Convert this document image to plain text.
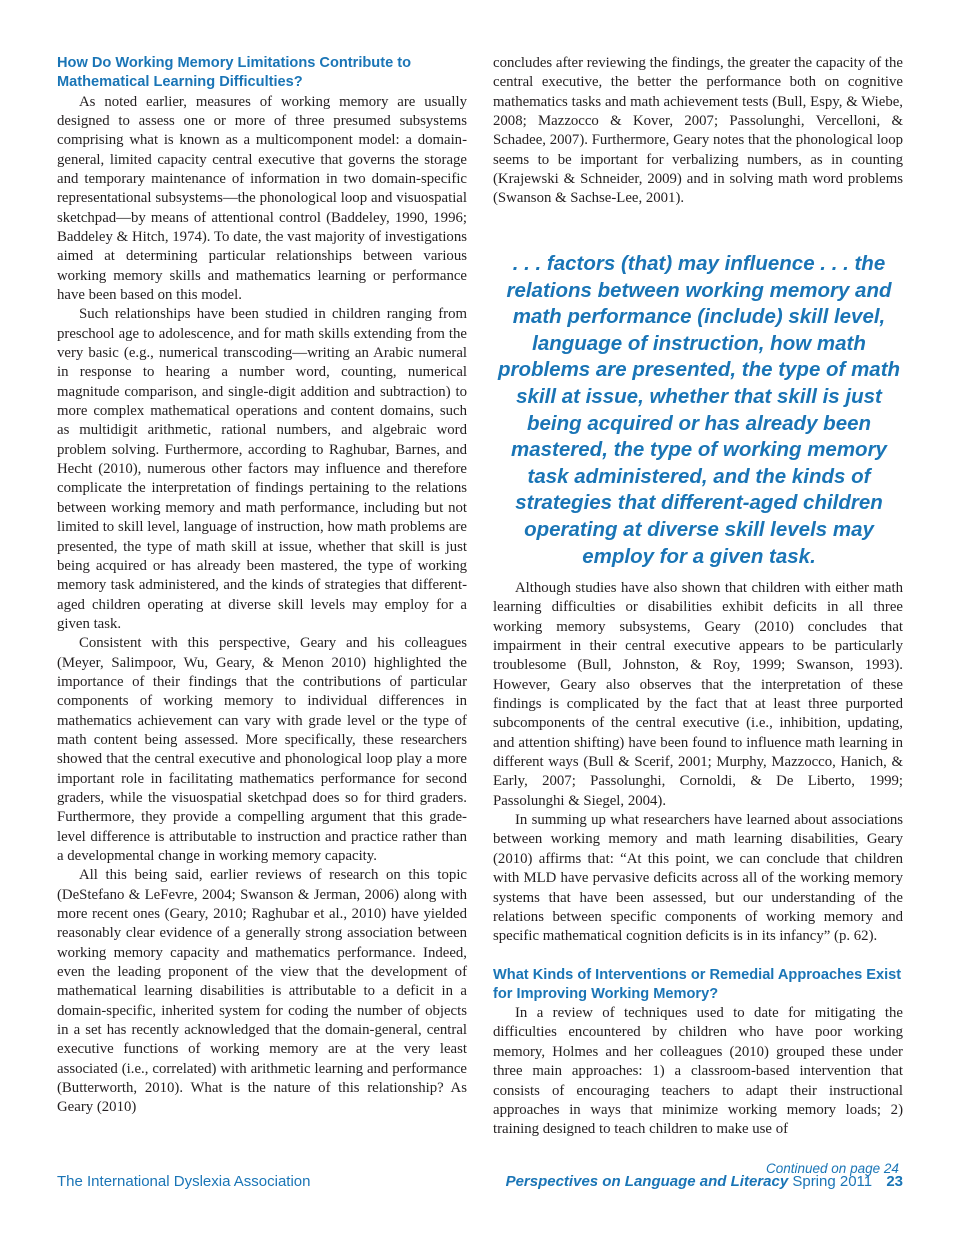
How Do Working Memory Limitations Contribute to Mathematical Learning Difficulties?

As noted earlier, measures of working memory are usually designed to assess one or more of three presumed subsystems comprising what is known as a multicomponent model: a domain-general, limited capacity central executive that governs the storage and temporary maintenance of information in two domain-specific representational subsystems—the phonological loop and visuospatial sketchpad—by means of attentional control (Baddeley, 1990, 1996; Baddeley & Hitch, 1974). To date, the vast majority of investigations aimed at determining particular relationships between various working memory skills and mathematics learning or performance have been based on this model.

Such relationships have been studied in children ranging from preschool age to adolescence, and for math skills extending from the very basic (e.g., numerical transcoding—writing an Arabic numeral in response to hearing a number word, counting, numerical magnitude comparison, and single-digit addition and subtraction) to more complex mathematical operations and content domains, such as multidigit arithmetic, rational numbers, and algebraic word problem solving. Furthermore, according to Raghubar, Barnes, and Hecht (2010), numerous other factors may influence and therefore complicate the interpretation of findings pertaining to the relations between working memory and math performance, including but not limited to skill level, language of instruction, how math problems are presented, the type of math skill at issue, whether that skill is just being acquired or has already been mastered, the type of working memory task administered, and the kinds of strategies that different-aged children operating at diverse skill levels may employ for a given task.

Consistent with this perspective, Geary and his colleagues (Meyer, Salimpoor, Wu, Geary, & Menon 2010) highlighted the importance of their findings that the contributions of particular components of working memory to individual differences in mathematics achievement can vary with grade level or the type of math content being assessed. More specifically, these researchers showed that the central executive and phonological loop play a more important role in facilitating mathematics performance for second graders, while the visuospatial sketchpad does so for third graders. Furthermore, they provide a compelling argument that this grade-level difference is attributable to instruction and practice rather than a developmental change in working memory capacity.

All this being said, earlier reviews of research on this topic (DeStefano & LeFevre, 2004; Swanson & Jerman, 2006) along with more recent ones (Geary, 2010; Raghubar et al., 2010) have yielded reasonably clear evidence of a generally strong association between working memory capacity and mathematics performance. Indeed, even the leading proponent of the view that the development of mathematical learning disabilities is attributable to a deficit in a domain-specific, inherited system for coding the number of objects in a set has recently acknowledged that the domain-general, central executive functions of working memory are at the very least associated (i.e., correlated) with arithmetic learning and performance (Butterworth, 2010). What is the nature of this relationship? As Geary (2010)

concludes after reviewing the findings, the greater the capacity of the central executive, the better the performance both on cognitive mathematics tasks and math achievement tests (Bull, Espy, & Wiebe, 2008; Mazzocco & Kover, 2007; Passolunghi, Vercelloni, & Schadee, 2007). Furthermore, Geary notes that the phonological loop seems to be important for verbalizing numbers, as in counting (Krajewski & Schneider, 2009) and in solving math word problems (Swanson & Sachse-Lee, 2001).

. . . factors (that) may influence . . . the relations between working memory and math performance (include) skill level, language of instruction, how math problems are presented, the type of math skill at issue, whether that skill is just being acquired or has already been mastered, the type of working memory task administered, and the kinds of strategies that different-aged children operating at diverse skill levels may employ for a given task.

Although studies have also shown that children with either math learning difficulties or disabilities exhibit deficits in all three working memory subsystems, Geary (2010) concludes that impairment in their central executive appears to be particularly troublesome (Bull, Johnston, & Roy, 1999; Swanson, 1993). However, Geary also observes that the interpretation of these findings is complicated by the fact that at least three purported subcomponents of the central executive (i.e., inhibition, updating, and attention shifting) have been found to influence math learning in different ways (Bull & Scerif, 2001; Murphy, Mazzocco, Hanich, & Early, 2007; Passolunghi, Cornoldi, & De Liberto, 1999; Passolunghi & Siegel, 2004).

In summing up what researchers have learned about associations between working memory and math learning disabilities, Geary (2010) affirms that: “At this point, we can conclude that children with MLD have pervasive deficits across all of the working memory systems that have been assessed, but our understanding of the relations between specific components of working memory and specific mathematical cognition deficits is in its infancy” (p. 62).

What Kinds of Interventions or Remedial Approaches Exist for Improving Working Memory?

In a review of techniques used to date for mitigating the difficulties encountered by children who have poor working memory, Holmes and her colleagues (2010) grouped these under three main approaches: 1) a classroom-based intervention that consists of encouraging teachers to adapt their instructional approaches in ways that minimize working memory loads; 2) training designed to teach children to make use of

Continued on page 24
The International Dyslexia Association	Perspectives on Language and Literacy Spring 2011 23
